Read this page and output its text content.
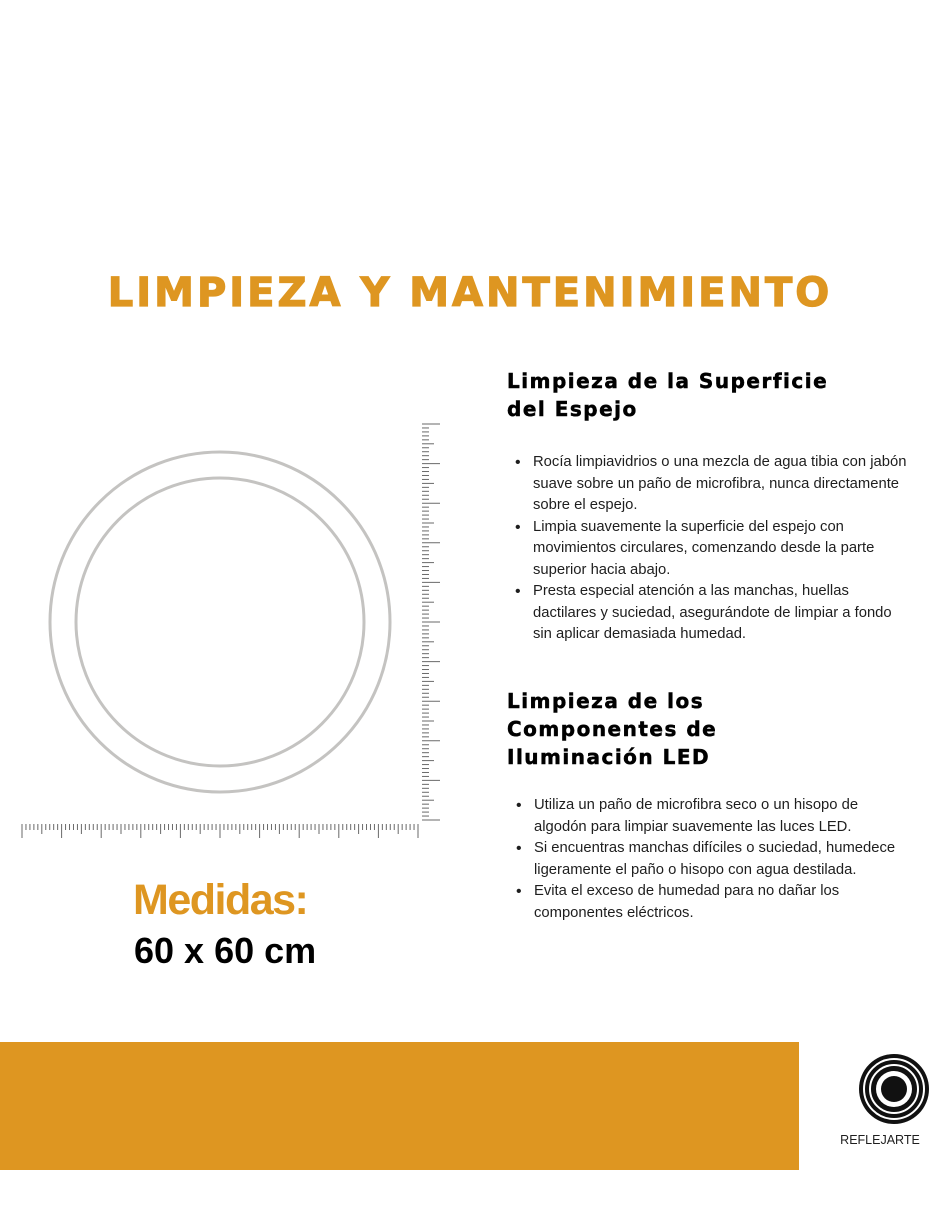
LIMPIEZA Y MANTENIMIENTO
Limpieza de la Superficie
del Espejo
• Rocía limpiavidrios o una mezcla de agua tibia con jabón suave sobre un paño de microfibra, nunca directamente sobre el espejo.
• Limpia suavemente la superficie del espejo con movimientos circulares, comenzando desde la parte superior hacia abajo.
• Presta especial atención a las manchas, huellas dactilares y suciedad, asegurándote de limpiar a fondo sin aplicar demasiada humedad.
Limpieza de los
Componentes de
Iluminación LED
• Utiliza un paño de microfibra seco o un hisopo de algodón para limpiar suavemente las luces LED.
• Si encuentras manchas difíciles o suciedad, humedece ligeramente el paño o hisopo con agua destilada.
• Evita el exceso de humedad para no dañar los componentes eléctricos.
Medidas:
60 x 60 cm
REFLEJARTE
